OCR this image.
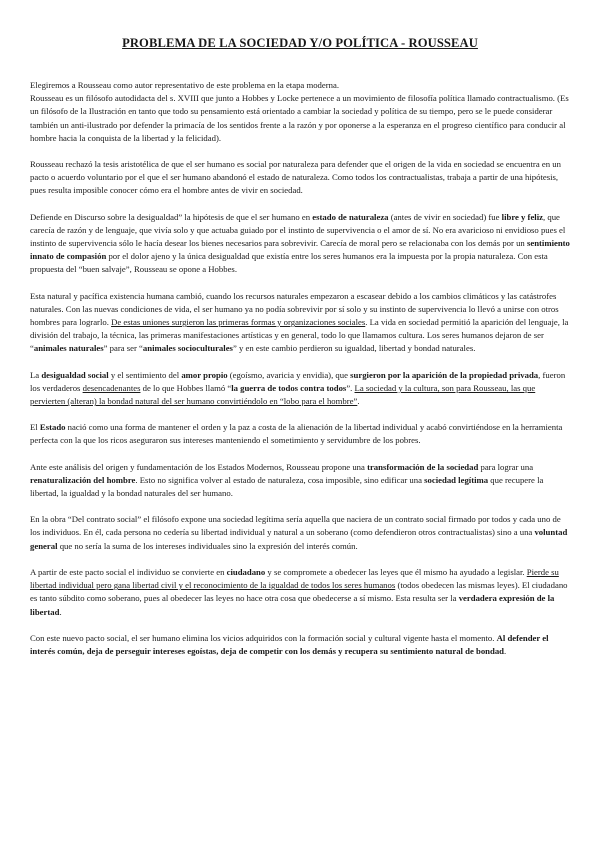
PROBLEMA DE LA SOCIEDAD Y/O POLÍTICA - ROUSSEAU

Elegiremos a Rousseau como autor representativo de este problema en la etapa moderna.

Rousseau es un filósofo autodidacta del s. XVIII que junto a Hobbes y Locke pertenece a un movimiento de filosofía política llamado contractualismo. (Es un filósofo de la Ilustración en tanto que todo su pensamiento está orientado a cambiar la sociedad y política de su tiempo, pero se le puede considerar también un anti-ilustrado por defender la primacía de los sentidos frente a la razón y por oponerse a la esperanza en el progreso científico para conducir al hombre hacia la conquista de la libertad y la felicidad).

Rousseau rechazó la tesis aristotélica de que el ser humano es social por naturaleza para defender que el origen de la vida en sociedad se encuentra en un pacto o acuerdo voluntario por el que el ser humano abandonó el estado de naturaleza. Como todos los contractualistas, trabaja a partir de una hipótesis, pues resulta imposible conocer cómo era el hombre antes de vivir en sociedad.

Defiende en Discurso sobre la desigualdad” la hipótesis de que el ser humano en estado de naturaleza (antes de vivir en sociedad) fue libre y feliz, que carecía de razón y de lenguaje, que vivía solo y que actuaba guiado por el instinto de supervivencia o el amor de sí. No era avaricioso ni envidioso pues el instinto de supervivencia sólo le hacía desear los bienes necesarios para sobrevivir. Carecía de moral pero se relacionaba con los demás por un sentimiento innato de compasión por el dolor ajeno y la única desigualdad que existía entre los seres humanos era la impuesta por la propia naturaleza. Con esta propuesta del “buen salvaje”, Rousseau se opone a Hobbes.

Esta natural y pacífica existencia humana cambió, cuando los recursos naturales empezaron a escasear debido a los cambios climáticos y las catástrofes naturales. Con las nuevas condiciones de vida, el ser humano ya no podía sobrevivir por sí solo y su instinto de supervivencia lo llevó a unirse con otros hombres para lograrlo. De estas uniones surgieron las primeras formas y organizaciones sociales. La vida en sociedad permitió la aparición del lenguaje, la división del trabajo, la técnica, las primeras manifestaciones artísticas y en general, todo lo que llamamos cultura. Los seres humanos dejaron de ser “animales naturales” para ser “animales socioculturales” y en este cambio perdieron su igualdad, libertad y bondad naturales.

La desigualdad social y el sentimiento del amor propio (egoísmo, avaricia y envidia), que surgieron por la aparición de la propiedad privada, fueron los verdaderos desencadenantes de lo que Hobbes llamó “la guerra de todos contra todos”. La sociedad y la cultura, son para Rousseau, las que pervierten (alteran) la bondad natural del ser humano convirtiéndolo en “lobo para el hombre”.

El Estado nació como una forma de mantener el orden y la paz a costa de la alienación de la libertad individual y acabó convirtiéndose en la herramienta perfecta con la que los ricos aseguraron sus intereses manteniendo el sometimiento y servidumbre de los pobres.

Ante este análisis del origen y fundamentación de los Estados Modernos, Rousseau propone una transformación de la sociedad para lograr una renaturalización del hombre. Esto no significa volver al estado de naturaleza, cosa imposible, sino edificar una sociedad legítima que recupere la libertad, la igualdad y la bondad naturales del ser humano.

En la obra “Del contrato social” el filósofo expone una sociedad legítima sería aquella que naciera de un contrato social firmado por todos y cada uno de los individuos. En él, cada persona no cedería su libertad individual y natural a un soberano (como defendieron otros contractualistas) sino a una voluntad general que no sería la suma de los intereses individuales sino la expresión del interés común.

A partir de este pacto social el individuo se convierte en ciudadano y se compromete a obedecer las leyes que él mismo ha ayudado a legislar. Pierde su libertad individual pero gana libertad civil y el reconocimiento de la igualdad de todos los seres humanos (todos obedecen las mismas leyes). El ciudadano es tanto súbdito como soberano, pues al obedecer las leyes no hace otra cosa que obedecerse a sí mismo. Esta resulta ser la verdadera expresión de la libertad.

Con este nuevo pacto social, el ser humano elimina los vicios adquiridos con la formación social y cultural vigente hasta el momento. Al defender el interés común, deja de perseguir intereses egoístas, deja de competir con los demás y recupera su sentimiento natural de bondad.
